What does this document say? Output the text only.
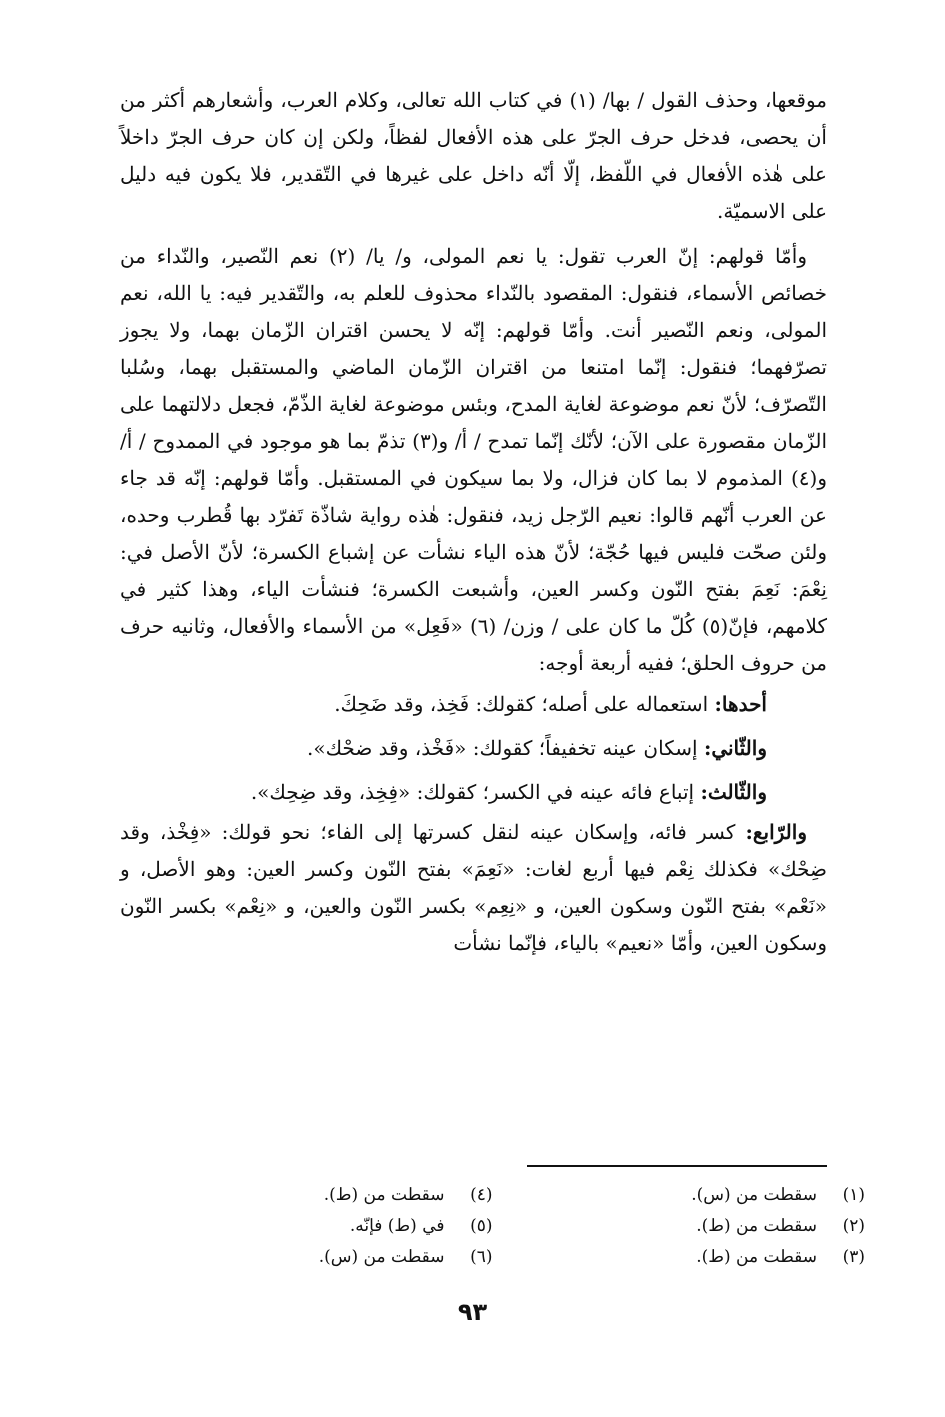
موقعها، وحذف القول / بها/ (١) في كتاب الله تعالى، وكلام العرب، وأشعارهم أكثر من أن يحصى، فدخل حرف الجرّ على هذه الأفعال لفظاً، ولكن إن كان حرف الجرّ داخلاً على هٰذه الأفعال في اللّفظ، إلّا أنّه داخل على غيرها في التّقدير، فلا يكون فيه دليل على الاسميّة.

وأمّا قولهم: إنّ العرب تقول: يا نعم المولى، و/ يا/ (٢) نعم النّصير، والنّداء من خصائص الأسماء، فنقول: المقصود بالنّداء محذوف للعلم به، والتّقدير فيه: يا الله، نعم المولى، ونعم النّصير أنت. وأمّا قولهم: إنّه لا يحسن اقتران الزّمان بهما، ولا يجوز تصرّفهما؛ فنقول: إنّما امتنعا من اقتران الزّمان الماضي والمستقبل بهما، وسُلبا التّصرّف؛ لأنّ نعم موضوعة لغاية المدح، وبئس موضوعة لغاية الذّمّ، فجعل دلالتهما على الزّمان مقصورة على الآن؛ لأنّك إنّما تمدح / أ/ و(٣) تذمّ بما هو موجود في الممدوح / أ/ و(٤) المذموم لا بما كان فزال، ولا بما سيكون في المستقبل. وأمّا قولهم: إنّه قد جاء عن العرب أنّهم قالوا: نعيم الرّجل زيد، فنقول: هٰذه رواية شاذّة تَفرّد بها قُطرب وحده، ولئن صحّت فليس فيها حُجّة؛ لأنّ هذه الياء نشأت عن إشباع الكسرة؛ لأنّ الأصل في: نِعْمَ: نَعِمَ بفتح النّون وكسر العين، وأشبعت الكسرة؛ فنشأت الياء، وهذا كثير في كلامهم، فإنّ(٥) كُلّ ما كان على / وزن/ (٦) «فَعِل» من الأسماء والأفعال، وثانيه حرف من حروف الحلق؛ ففيه أربعة أوجه:

أحدها: استعماله على أصله؛ كقولك: فَخِذ، وقد ضَحِكَ.

والثّاني: إسكان عينه تخفيفاً؛ كقولك: «فَخْذ، وقد ضحْك».

والثّالث: إتباع فائه عينه في الكسر؛ كقولك: «فِخِذ، وقد ضِحِك».

والرّابع: كسر فائه، وإسكان عينه لنقل كسرتها إلى الفاء؛ نحو قولك: «فِخْذ، وقد ضِحْك» فكذلك نِعْم فيها أربع لغات: «نَعِمَ» بفتح النّون وكسر العين: وهو الأصل، و «نَعْم» بفتح النّون وسكون العين، و «نِعِم» بكسر النّون والعين، و «نِعْم» بكسر النّون وسكون العين، وأمّا «نعيم» بالياء، فإنّما نشأت

(١)سقطت من (س).
(٤)سقطت من (ط).
(٢)سقطت من (ط).
(٥)في (ط) فإنّه.
(٣)سقطت من (ط).
(٦)سقطت من (س).
٩٣
